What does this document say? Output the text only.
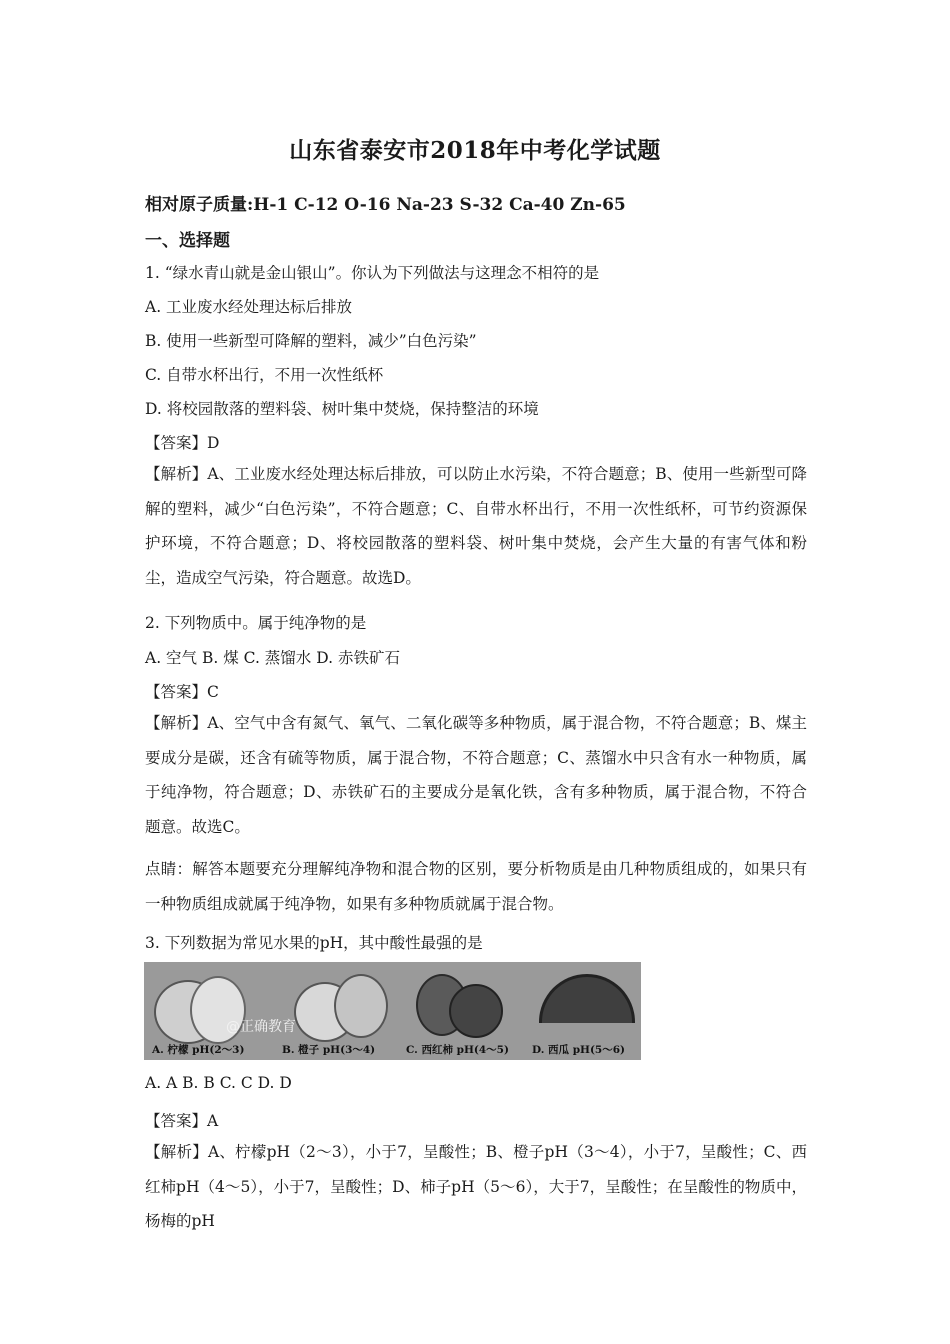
山东省泰安市2018年中考化学试题
相对原子质量:H-1 C-12 O-16 Na-23 S-32 Ca-40 Zn-65
一、选择题
1. “绿水青山就是金山银山”。你认为下列做法与这理念不相符的是
A. 工业废水经处理达标后排放
B. 使用一些新型可降解的塑料，减少”白色污染”
C. 自带水杯出行，不用一次性纸杯
D. 将校园散落的塑料袋、树叶集中焚烧，保持整洁的环境
【答案】D
【解析】A、工业废水经处理达标后排放，可以防止水污染，不符合题意；B、使用一些新型可降解的塑料，减少“白色污染”，不符合题意；C、自带水杯出行，不用一次性纸杯，可节约资源保护环境，不符合题意；D、将校园散落的塑料袋、树叶集中焚烧，会产生大量的有害气体和粉尘，造成空气污染，符合题意。故选D。
2. 下列物质中。属于纯净物的是
A. 空气 B. 煤 C. 蒸馏水 D. 赤铁矿石
【答案】C
【解析】A、空气中含有氮气、氧气、二氧化碳等多种物质，属于混合物，不符合题意；B、煤主要成分是碳，还含有硫等物质，属于混合物，不符合题意；C、蒸馏水中只含有水一种物质，属于纯净物，符合题意；D、赤铁矿石的主要成分是氧化铁，含有多种物质，属于混合物，不符合题意。故选C。
点睛：解答本题要充分理解纯净物和混合物的区别，要分析物质是由几种物质组成的，如果只有一种物质组成就属于纯净物，如果有多种物质就属于混合物。
3. 下列数据为常见水果的pH，其中酸性最强的是
@正确教育
A. 柠檬 pH(2～3)	B. 橙子 pH(3～4)	C. 西红柿 pH(4～5) D. 西瓜 pH(5～6)
A. A B. B C. C D. D
【答案】A
【解析】A、柠檬pH（2～3），小于7，呈酸性；B、橙子pH（3～4），小于7，呈酸性；C、西红柿pH（4～5），小于7，呈酸性；D、柿子pH（5～6），大于7，呈酸性；在呈酸性的物质中，杨梅的pH
